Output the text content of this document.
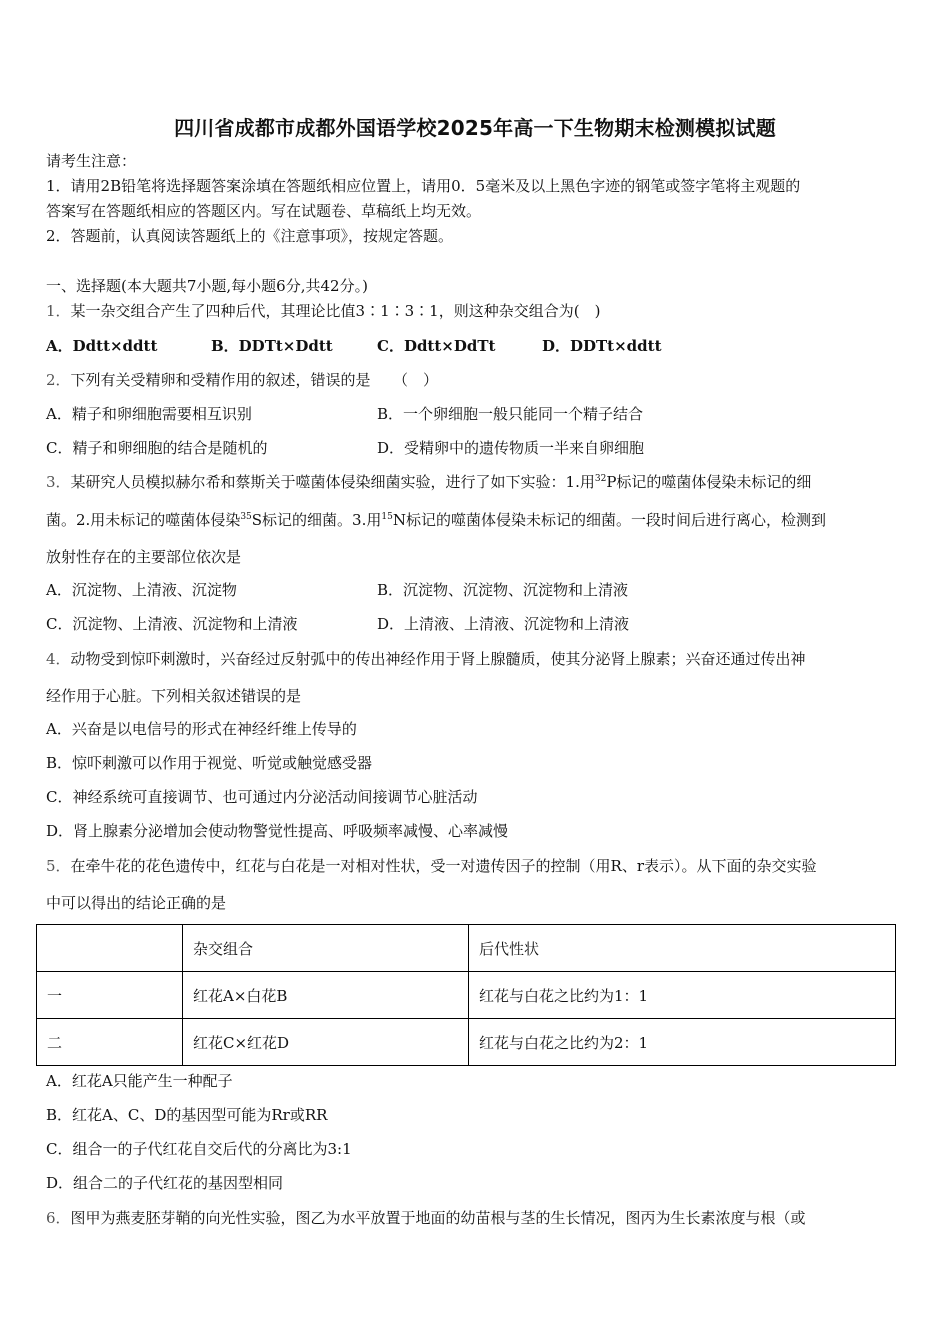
四川省成都市成都外国语学校2025年高一下生物期末检测模拟试题
请考生注意：
1．请用2B铅笔将选择题答案涂填在答题纸相应位置上，请用0．5毫米及以上黑色字迹的钢笔或签字笔将主观题的
答案写在答题纸相应的答题区内。写在试题卷、草稿纸上均无效。
2．答题前，认真阅读答题纸上的《注意事项》，按规定答题。
一、选择题(本大题共7小题,每小题6分,共42分。)
1．某一杂交组合产生了四种后代，其理论比值3∶1∶3∶1，则这种杂交组合为(　)
A．Ddtt×ddtt	B．DDTt×Ddtt	C．Ddtt×DdTt	D．DDTt×ddtt
2．下列有关受精卵和受精作用的叙述，错误的是　　（　）
A．精子和卵细胞需要相互识别	B．一个卵细胞一般只能同一个精子结合
C．精子和卵细胞的结合是随机的	D．受精卵中的遗传物质一半来自卵细胞
3．某研究人员模拟赫尔希和蔡斯关于噬菌体侵染细菌实验，进行了如下实验：1.用$^{32}$P标记的噬菌体侵染未标记的细
菌。2.用未标记的噬菌体侵染$^{35}$S标记的细菌。3.用$^{15}$N标记的噬菌体侵染未标记的细菌。一段时间后进行离心，检测到
放射性存在的主要部位依次是
A．沉淀物、上清液、沉淀物	B．沉淀物、沉淀物、沉淀物和上清液
C．沉淀物、上清液、沉淀物和上清液	D．上清液、上清液、沉淀物和上清液
4．动物受到惊吓刺激时，兴奋经过反射弧中的传出神经作用于肾上腺髓质，使其分泌肾上腺素；兴奋还通过传出神
经作用于心脏。下列相关叙述错误的是
A．兴奋是以电信号的形式在神经纤维上传导的
B．惊吓刺激可以作用于视觉、听觉或触觉感受器
C．神经系统可直接调节、也可通过内分泌活动间接调节心脏活动
D．肾上腺素分泌增加会使动物警觉性提高、呼吸频率减慢、心率减慢
5．在牵牛花的花色遗传中，红花与白花是一对相对性状，受一对遗传因子的控制（用R、r表示）。从下面的杂交实验
中可以得出的结论正确的是
	杂交组合	后代性状
一	红花A×白花B	红花与白花之比约为1：1
二	红花C×红花D	红花与白花之比约为2：1
A．红花A只能产生一种配子
B．红花A、C、D的基因型可能为Rr或RR
C．组合一的子代红花自交后代的分离比为3:1
D．组合二的子代红花的基因型相同
6．图甲为燕麦胚芽鞘的向光性实验，图乙为水平放置于地面的幼苗根与茎的生长情况，图丙为生长素浓度与根（或
